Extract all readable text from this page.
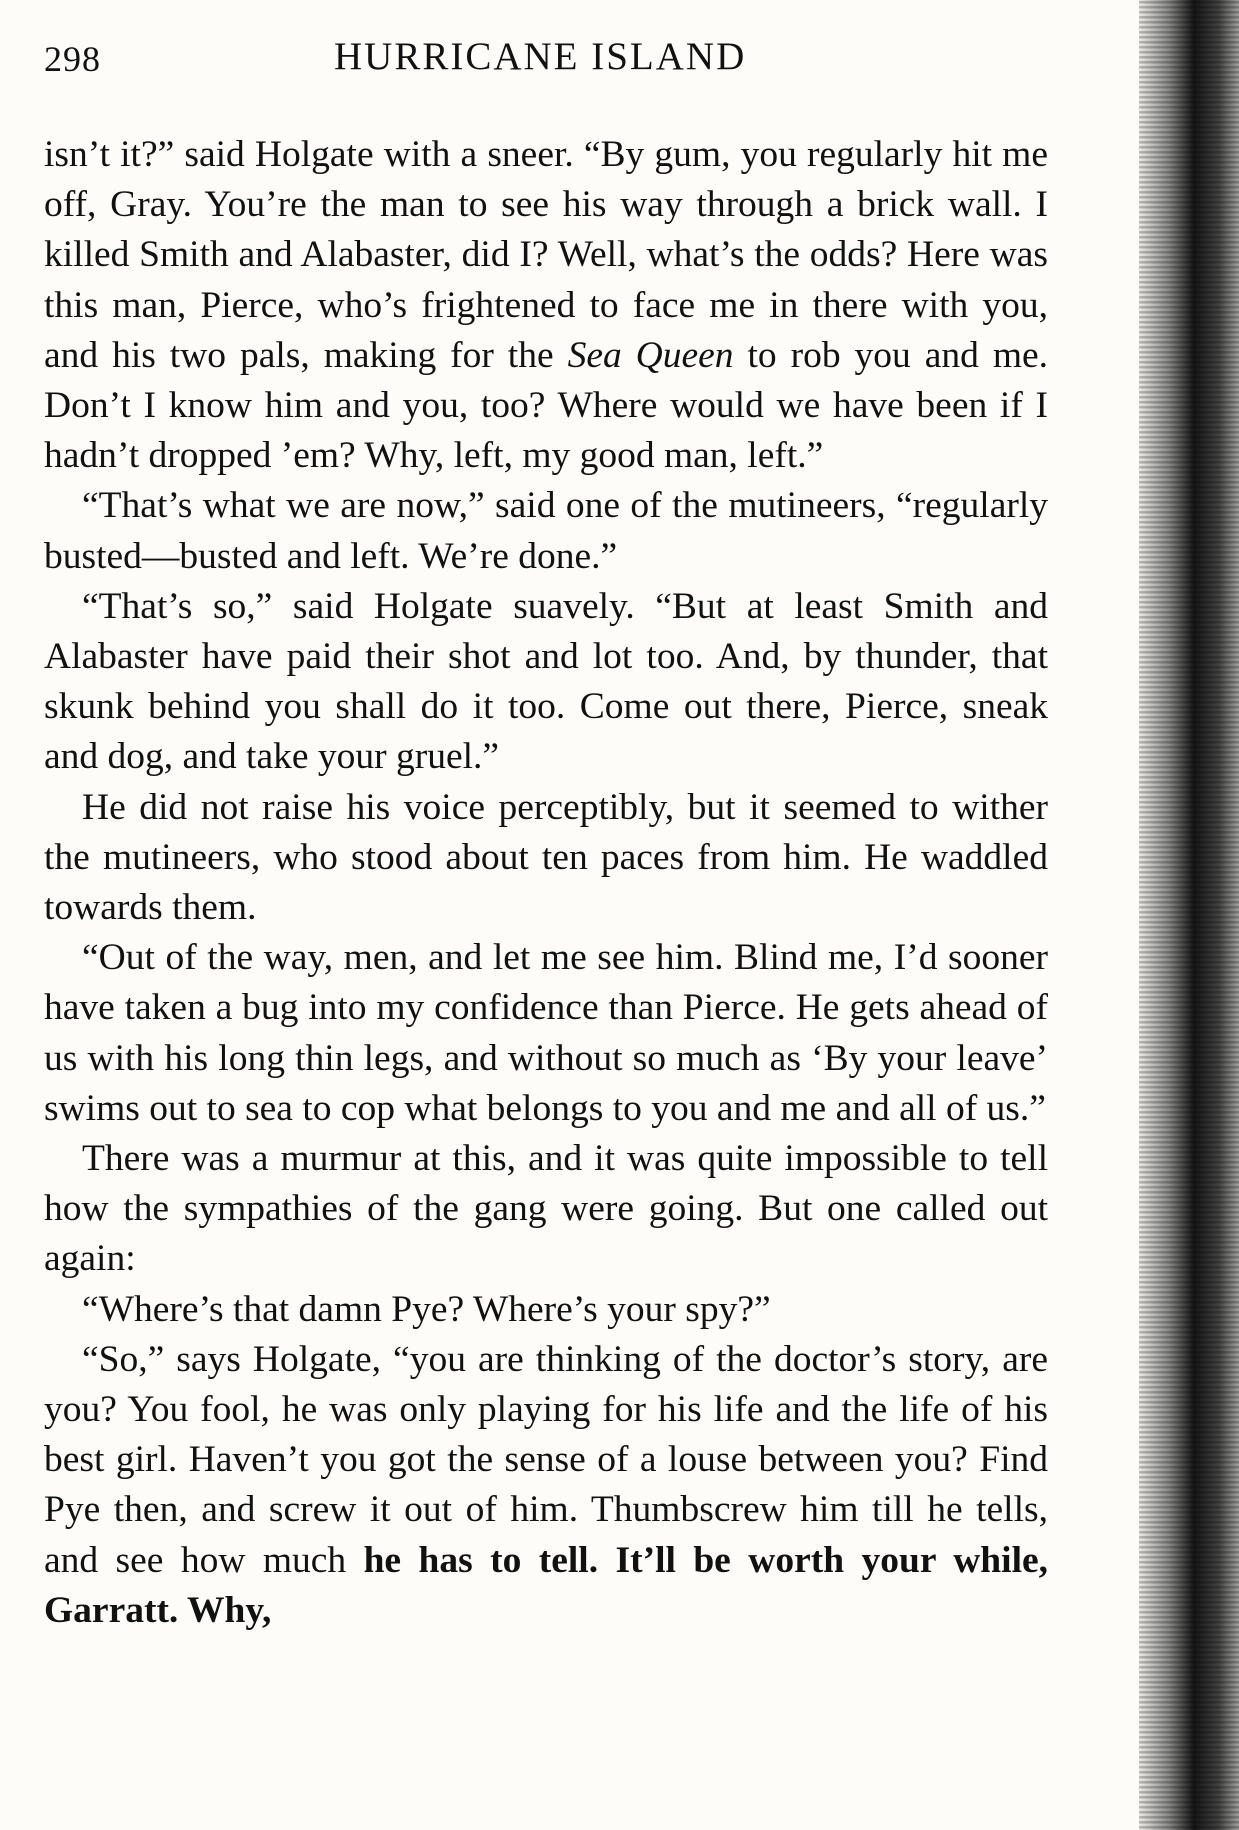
298	HURRICANE ISLAND

isn’t it?” said Holgate with a sneer. “By gum, you regularly hit me off, Gray. You’re the man to see his way through a brick wall. I killed Smith and Alabaster, did I? Well, what’s the odds? Here was this man, Pierce, who’s frightened to face me in there with you, and his two pals, making for the Sea Queen to rob you and me. Don’t I know him and you, too? Where would we have been if I hadn’t dropped ’em? Why, left, my good man, left.”

“That’s what we are now,” said one of the mutineers, “regularly busted—busted and left. We’re done.”

“That’s so,” said Holgate suavely. “But at least Smith and Alabaster have paid their shot and lot too. And, by thunder, that skunk behind you shall do it too. Come out there, Pierce, sneak and dog, and take your gruel.”

He did not raise his voice perceptibly, but it seemed to wither the mutineers, who stood about ten paces from him. He waddled towards them.

“Out of the way, men, and let me see him. Blind me, I’d sooner have taken a bug into my confidence than Pierce. He gets ahead of us with his long thin legs, and without so much as ‘By your leave’ swims out to sea to cop what belongs to you and me and all of us.”

There was a murmur at this, and it was quite impossible to tell how the sympathies of the gang were going. But one called out again:

“Where’s that damn Pye? Where’s your spy?”

“So,” says Holgate, “you are thinking of the doctor’s story, are you? You fool, he was only playing for his life and the life of his best girl. Haven’t you got the sense of a louse between you? Find Pye then, and screw it out of him. Thumbscrew him till he tells, and see how much he has to tell. It’ll be worth your while, Garratt. Why,
